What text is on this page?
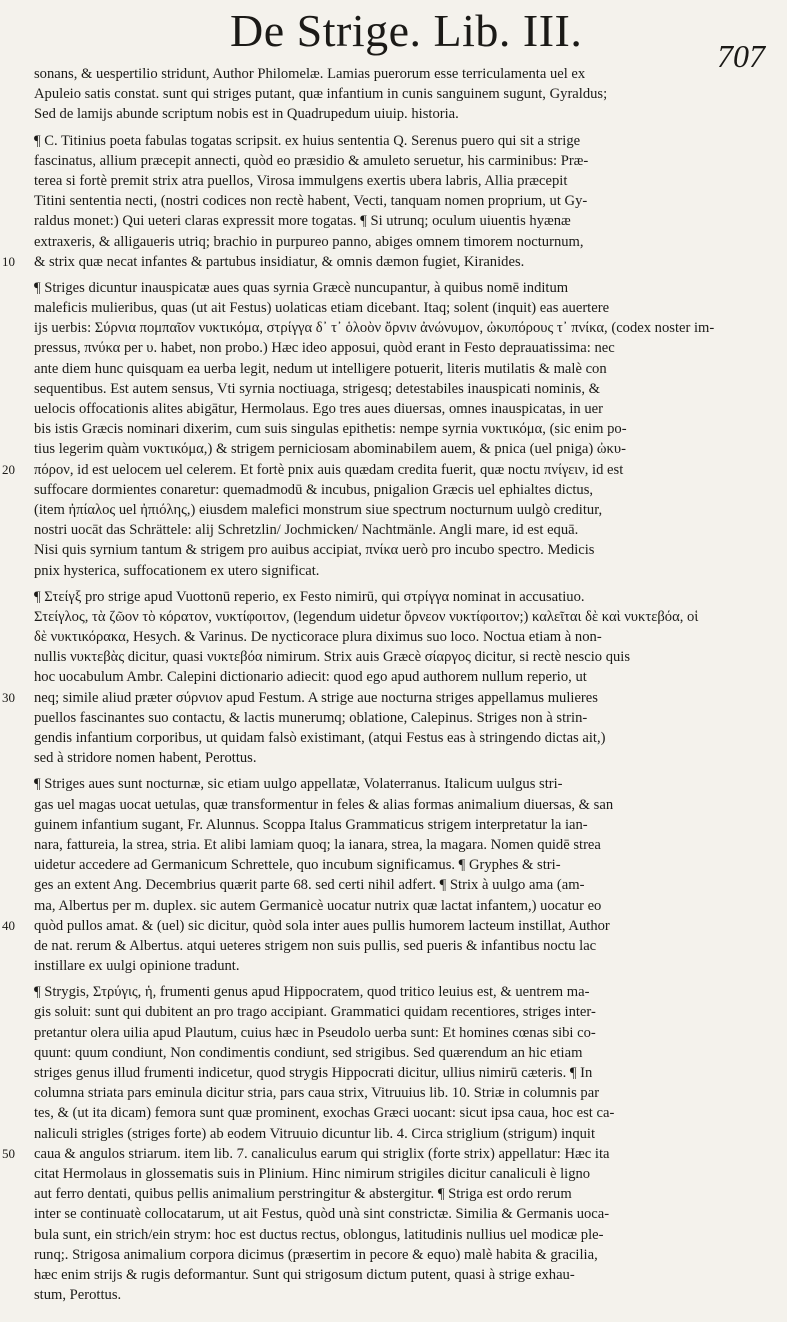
De Strige. Lib. III.	707
sonans, & uespertilio stridunt, Author Philomelæ. Lamias puerorum esse terriculamenta uel ex
Apuleio satis constat. sunt qui striges putant, quæ infantium in cunis sanguinem sugunt, Gyraldus;
Sed de lamijs abunde scriptum nobis est in Quadrupedum uiuip. historia.
¶ C. Titinius poeta fabulas togatas scripsit. ex huius sententia Q. Serenus puero qui sit a strige
fascinatus, allium præcepit annecti, quòd eo præsidio & amuleto seruetur, his carminibus: Præ-
terea si fortè premit strix atra puellos, Virosa immulgens exertis ubera labris, Allia præcepit
Titini sententia necti, (nostri codices non rectè habent, Vecti, tanquam nomen proprium, ut Gy-
raldus monet:) Qui ueteri claras expressit more togatas. ¶ Si utrunq; oculum uiuentis hyænæ
extraxeris, & alligaueris utriq; brachio in purpureo panno, abiges omnem timorem nocturnum,
& strix quæ necat infantes & partubus insidiatur, & omnis dæmon fugiet, Kiranides.
¶ Striges dicuntur inauspicatæ aues quas syrnia Græcè nuncupantur, à quibus nomē inditum
maleficis mulieribus, quas (ut ait Festus) uolaticas etiam dicebant. Itaq; solent (inquit) eas auertere
ijs uerbis: Σύρνια πομπαῖον νυκτικόμα, στρίγγα δ᾽ τ᾽ ὁλοὸν ὄρνιν ἀνώνυμον, ὠκυπόρους τ᾽ πνίκα, (codex noster im-
pressus, πνύκα per υ. habet, non probo.) Hæc ideo apposui, quòd erant in Festo deprauatissima: nec
ante diem hunc quisquam ea uerba legit, nedum ut intelligere potuerit, literis mutilatis & malè con
sequentibus. Est autem sensus, Vti syrnia noctiuaga, strigesq; detestabiles inauspicati nominis, &
uelocis offocationis alites abigātur, Hermolaus. Ego tres aues diuersas, omnes inauspicatas, in uer
bis istis Græcis nominari dixerim, cum suis singulas epithetis: nempe syrnia νυκτικόμα, (sic enim po-
tius legerim quàm νυκτικόμα,) & strigem perniciosam abominabilem auem, & pnica (uel pniga) ὠκυ-
πόρον, id est uelocem uel celerem. Et fortè pnix auis quædam credita fuerit, quæ noctu πνίγειν, id est
suffocare dormientes conaretur: quemadmodū & incubus, pnigalion Græcis uel ephialtes dictus,
(item ἠπίαλος uel ἠπιόλης,) eiusdem malefici monstrum siue spectrum nocturnum uulgò creditur,
nostri uocāt das Schrättele: alij Schretzlin/ Jochmicken/ Nachtmänle. Angli mare, id est equā.
Nisi quis syrnium tantum & strigem pro auibus accipiat, πνίκα uerò pro incubo spectro. Medicis
pnix hysterica, suffocationem ex utero significat.
¶ Στείγξ pro strige apud Vuottonū reperio, ex Festo nimirū, qui στρίγγα nominat in accusatiuo.
Στείγλος, τὰ ζῶον τὸ κόρατον, νυκτίφοιτον, (legendum uidetur ὄρνεον νυκτίφοιτον;) καλεῖται δὲ καὶ νυκτεβόα, οἱ
δὲ νυκτικόρακα, Hesych. & Varinus. De nycticorace plura diximus suo loco. Noctua etiam à non-
nullis νυκτεβὰς dicitur, quasi νυκτεβόα nimirum. Strix auis Græcè σίαργος dicitur, si rectè nescio quis
hoc uocabulum Ambr. Calepini dictionario adiecit: quod ego apud authorem nullum reperio, ut
neq; simile aliud præter σύρνιον apud Festum. A strige aue nocturna striges appellamus mulieres
puellos fascinantes suo contactu, & lactis munerumq; oblatione, Calepinus. Striges non à strin-
gendis infantium corporibus, ut quidam falsò existimant, (atqui Festus eas à stringendo dictas ait,)
sed à stridore nomen habent, Perottus.
¶ Striges aues sunt nocturnæ, sic etiam uulgo appellatæ, Volaterranus. Italicum uulgus stri-
gas uel magas uocat uetulas, quæ transformentur in feles & alias formas animalium diuersas, & san
guinem infantium sugant, Fr. Alunnus. Scoppa Italus Grammaticus strigem interpretatur la ian-
nara, fattureia, la strea, stria. Et alibi lamiam quoq; la ianara, strea, la magara. Nomen quidē strea
uidetur accedere ad Germanicum Schrettele, quo incubum significamus. ¶ Gryphes & stri-
ges an extent Ang. Decembrius quærit parte 68. sed certi nihil adfert. ¶ Strix à uulgo ama (am-
ma, Albertus per m. duplex. sic autem Germanicè uocatur nutrix quæ lactat infantem,) uocatur eo
quòd pullos amat. & (uel) sic dicitur, quòd sola inter aues pullis humorem lacteum instillat, Author
de nat. rerum & Albertus. atqui ueteres strigem non suis pullis, sed pueris & infantibus noctu lac
instillare ex uulgi opinione tradunt.
¶ Strygis, Στρύγις, ἡ, frumenti genus apud Hippocratem, quod tritico leuius est, & uentrem ma-
gis soluit: sunt qui dubitent an pro trago accipiant. Grammatici quidam recentiores, striges inter-
pretantur olera uilia apud Plautum, cuius hæc in Pseudolo uerba sunt: Et homines cœnas sibi co-
quunt: quum condiunt, Non condimentis condiunt, sed strigibus. Sed quærendum an hic etiam
striges genus illud frumenti indicetur, quod strygis Hippocrati dicitur, ullius nimirū cæteris. ¶ In
columna striata pars eminula dicitur stria, pars caua strix, Vitruuius lib. 10. Striæ in columnis par
tes, & (ut ita dicam) femora sunt quæ prominent, exochas Græci uocant: sicut ipsa caua, hoc est ca-
naliculi strigles (striges forte) ab eodem Vitruuio dicuntur lib. 4. Circa striglium (strigum) inquit
caua & angulos striarum. item lib. 7. canaliculus earum qui striglix (forte strix) appellatur: Hæc ita
citat Hermolaus in glossematis suis in Plinium. Hinc nimirum strigiles dicitur canaliculi è ligno
aut ferro dentati, quibus pellis animalium perstringitur & abstergitur. ¶ Striga est ordo rerum
inter se continuatè collocatarum, ut ait Festus, quòd unà sint constrictæ. Similiа & Germanis uoca-
bula sunt, ein strich/ein strym: hoc est ductus rectus, oblongus, latitudinis nullius uel modicæ ple-
runq;. Strigosa animalium corpora dicimus (præsertim in pecore & equo) malè habita & gracilia,
hæc enim strijs & rugis deformantur. Sunt qui strigosum dictum putent, quasi à strige exhau-
stum, Perottus.
10
20
30
40
50
